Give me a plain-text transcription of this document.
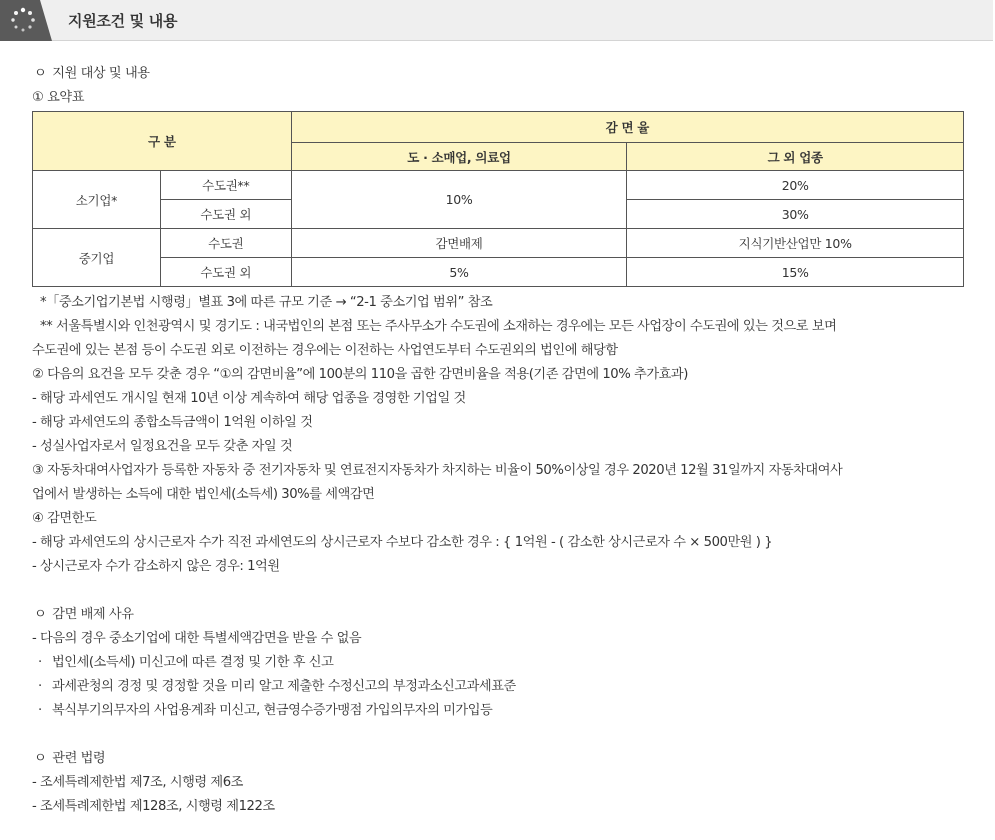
지원조건 및 내용
ㅇ 지원 대상 및 내용
① 요약표
구 분		감 면 율	
		도 · 소매업, 의료업	그 외 업종
소기업*	수도권**	10%	20%
	수도권 외		30%
중기업	수도권	감면배제	지식기반산업만 10%
	수도권 외	5%	15%
*「중소기업기본법 시행령」별표 3에 따른 규모 기준 → “2-1 중소기업 범위” 참조
** 서울특별시와 인천광역시 및 경기도 : 내국법인의 본점 또는 주사무소가 수도권에 소재하는 경우에는 모든 사업장이 수도권에 있는 것으로 보며
수도권에 있는 본점 등이 수도권 외로 이전하는 경우에는 이전하는 사업연도부터 수도권외의 법인에 해당함
② 다음의 요건을 모두 갖춘 경우 “①의 감면비율”에 100분의 110을 곱한 감면비율을 적용(기존 감면에 10% 추가효과)
- 해당 과세연도 개시일 현재 10년 이상 계속하여 해당 업종을 경영한 기업일 것
- 해당 과세연도의 종합소득금액이 1억원 이하일 것
- 성실사업자로서 일정요건을 모두 갖춘 자일 것
③ 자동차대여사업자가 등록한 자동차 중 전기자동차 및 연료전지자동차가 차지하는 비율이 50%이상일 경우 2020년 12월 31일까지 자동차대여사
업에서 발생하는 소득에 대한 법인세(소득세) 30%를 세액감면
④ 감면한도
- 해당 과세연도의 상시근로자 수가 직전 과세연도의 상시근로자 수보다 감소한 경우 : { 1억원 - ( 감소한 상시근로자 수 × 500만원 ) }
- 상시근로자 수가 감소하지 않은 경우: 1억원
ㅇ 감면 배제 사유
- 다음의 경우 중소기업에 대한 특별세액감면을 받을 수 없음
· 법인세(소득세) 미신고에 따른 결정 및 기한 후 신고
· 과세관청의 경정 및 경정할 것을 미리 알고 제출한 수정신고의 부정과소신고과세표준
· 복식부기의무자의 사업용계좌 미신고, 현금영수증가맹점 가입의무자의 미가입등
ㅇ 관련 법령
- 조세특례제한법 제7조, 시행령 제6조
- 조세특례제한법 제128조, 시행령 제122조
